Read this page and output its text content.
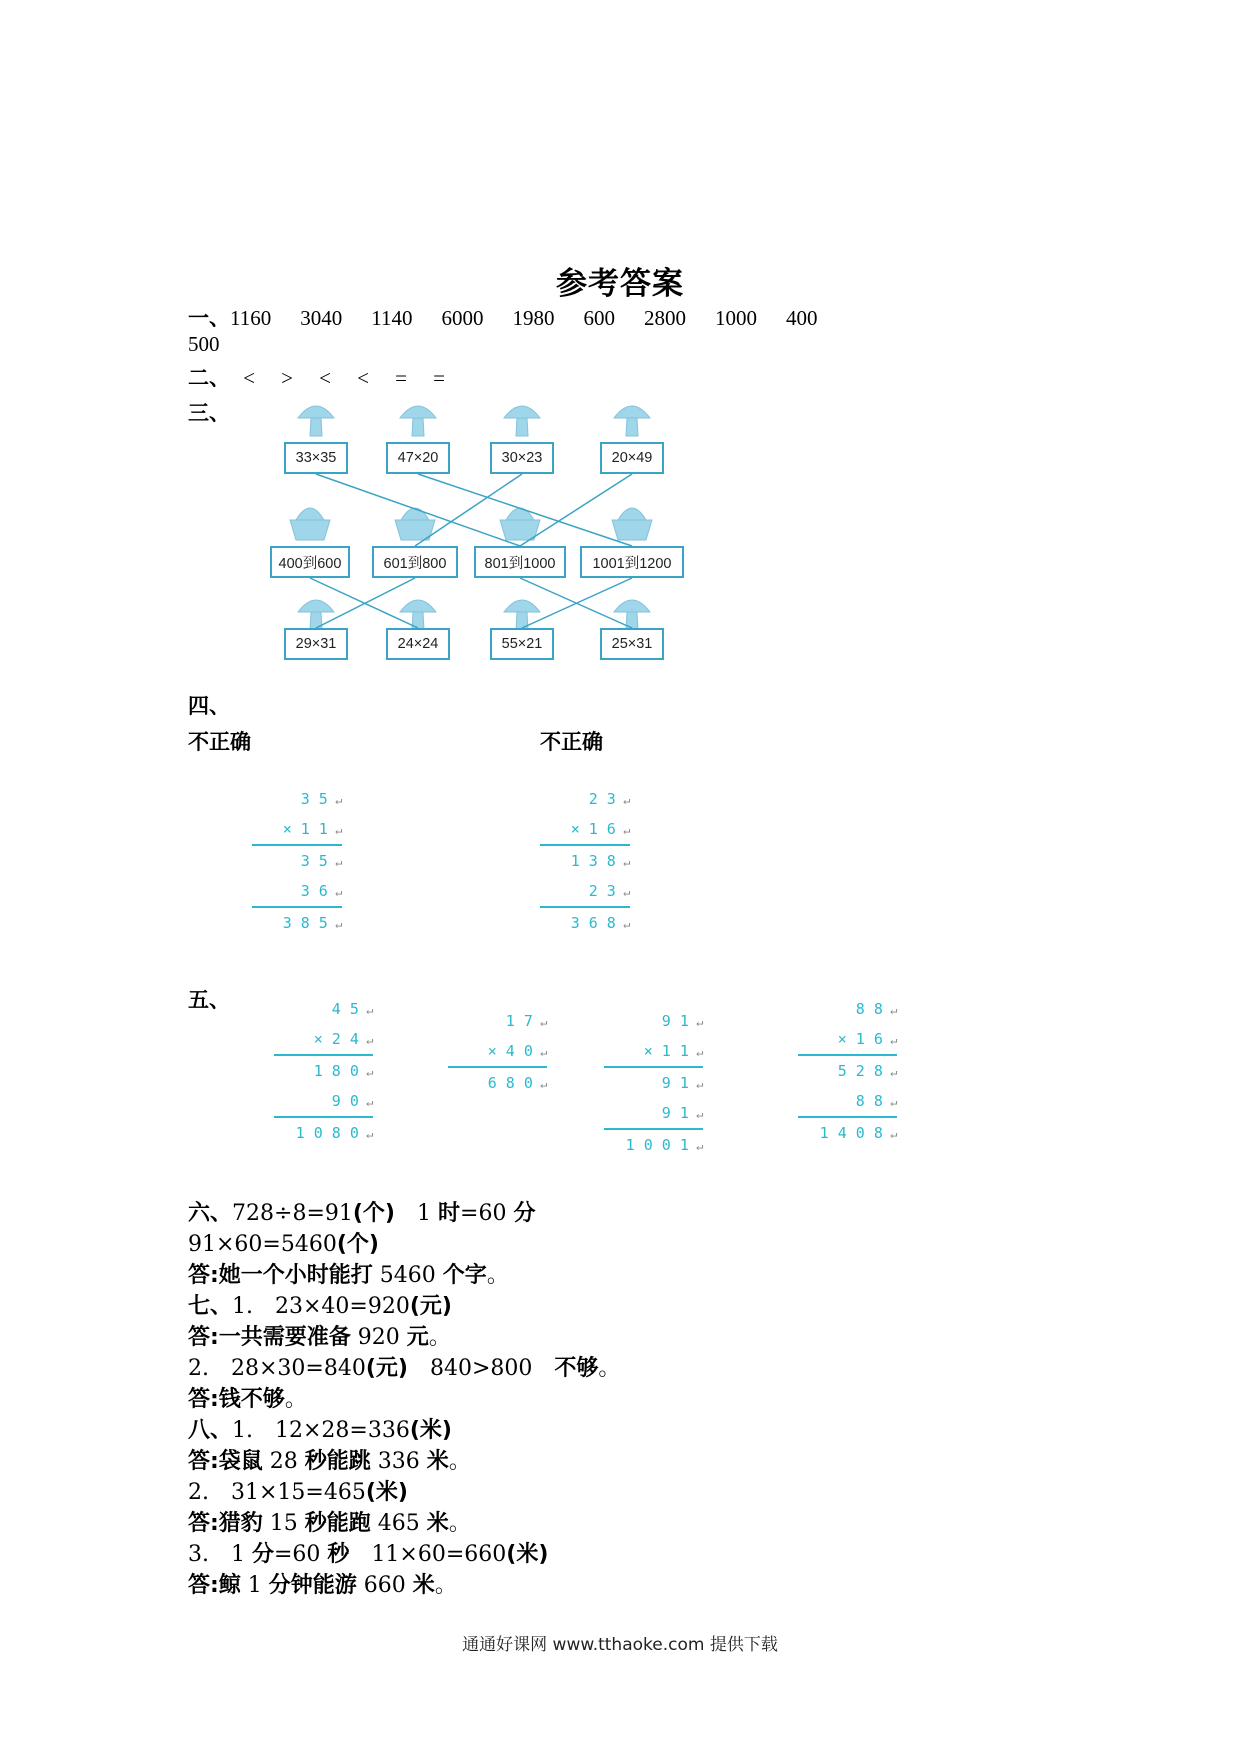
参考答案
一、1160 3040 1140 6000 1980 600 2800 1000 400
500
二、 < > < < = =
三、
33×35	47×20	30×23	20×49
400到600	601到800	801到1000	1001到1200
29×31	24×24	55×21	25×31
四、
不正确	不正确
3 5 ↵
× 1 1 ↵
3 5 ↵
3 6 ↵
3 8 5 ↵
2 3 ↵
× 1 6 ↵
1 3 8 ↵
2 3 ↵
3 6 8 ↵
五、	4 5 ↵
× 2 4 ↵
1 8 0 ↵
9 0 ↵
1 0 8 0 ↵
1 7 ↵
× 4 0 ↵
6 8 0 ↵
9 1 ↵
× 1 1 ↵
9 1 ↵
9 1 ↵
1 0 0 1 ↵
8 8 ↵
× 1 6 ↵
5 2 8 ↵
8 8 ↵
1 4 0 8 ↵
六、728÷8=91(个)　1 时=60 分
91×60=5460(个)
答:她一个小时能打 5460 个字。
七、1.　23×40=920(元)
答:一共需要准备 920 元。
2.　28×30=840(元)　840>800　不够。
答:钱不够。
八、1.　12×28=336(米)
答:袋鼠 28 秒能跳 336 米。
2.　31×15=465(米)
答:猎豹 15 秒能跑 465 米。
3.　1 分=60 秒　11×60=660(米)
答:鲸 1 分钟能游 660 米。
通通好课网 www.tthaoke.com 提供下载
